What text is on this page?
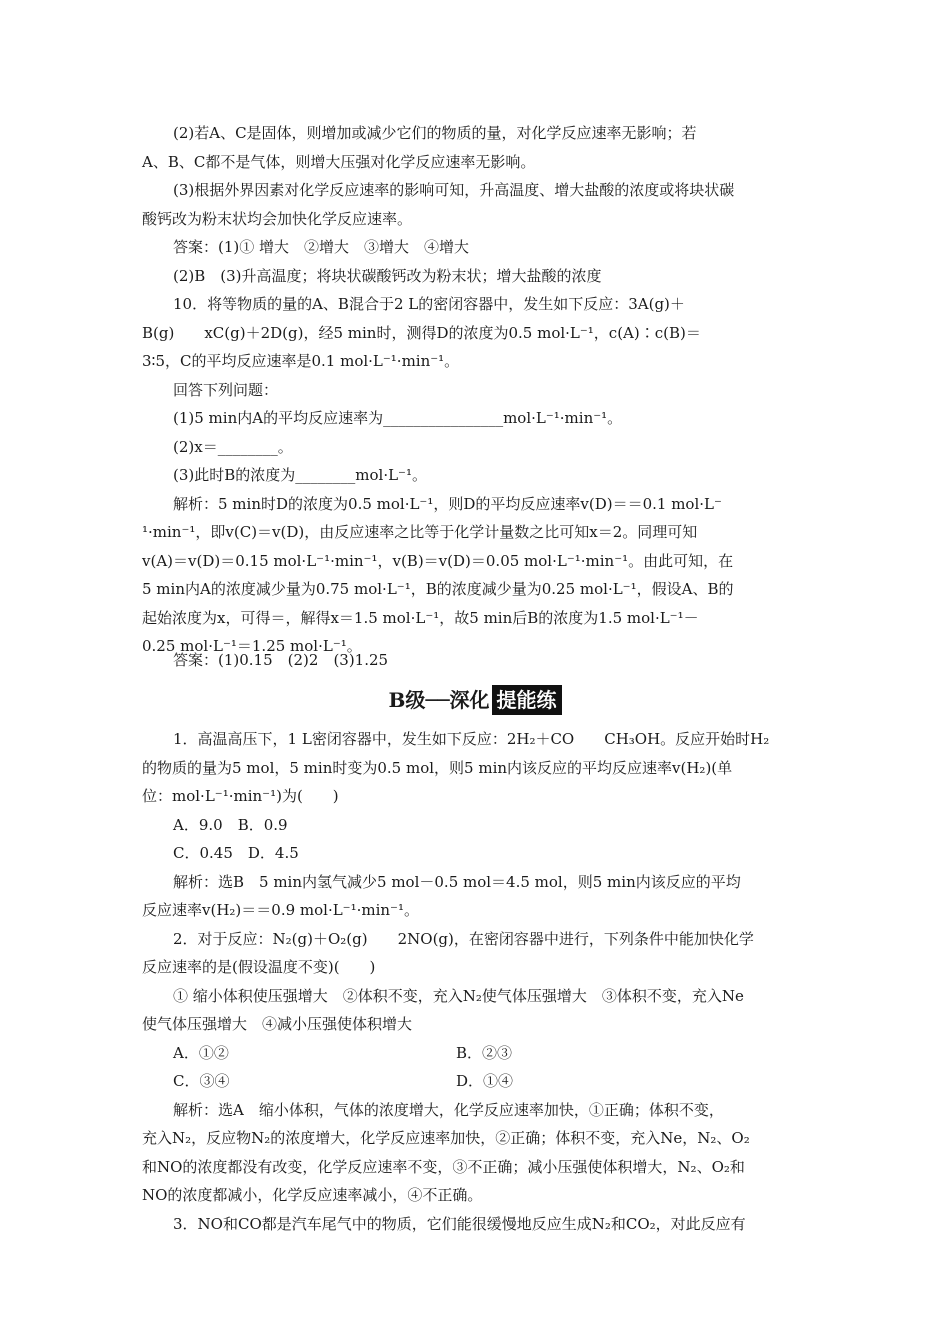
(2)若A、C是固体，则增加或减少它们的物质的量，对化学反应速率无影响；若
A、B、C都不是气体，则增大压强对化学反应速率无影响。
(3)根据外界因素对化学反应速率的影响可知，升高温度、增大盐酸的浓度或将块状碳
酸钙改为粉末状均会加快化学反应速率。
答案：(1)① 增大　②增大　③增大　④增大
(2)B　(3)升高温度；将块状碳酸钙改为粉末状；增大盐酸的浓度
10．将等物质的量的A、B混合于2 L的密闭容器中，发生如下反应：3A(g)＋
B(g)　　xC(g)＋2D(g)，经5 min时，测得D的浓度为0.5 mol·L⁻¹，c(A)∶c(B)＝
3∶5，C的平均反应速率是0.1 mol·L⁻¹·min⁻¹。
回答下列问题：
(1)5 min内A的平均反应速率为________________mol·L⁻¹·min⁻¹。
(2)x＝________。
(3)此时B的浓度为________mol·L⁻¹。
解析：5 min时D的浓度为0.5 mol·L⁻¹，则D的平均反应速率v(D)＝＝0.1 mol·L⁻
¹·min⁻¹，即v(C)＝v(D)，由反应速率之比等于化学计量数之比可知x＝2。同理可知
v(A)＝v(D)＝0.15 mol·L⁻¹·min⁻¹，v(B)＝v(D)＝0.05 mol·L⁻¹·min⁻¹。由此可知，在
5 min内A的浓度减少量为0.75 mol·L⁻¹，B的浓度减少量为0.25 mol·L⁻¹，假设A、B的
起始浓度为x，可得＝，解得x＝1.5 mol·L⁻¹，故5 min后B的浓度为1.5 mol·L⁻¹－
0.25 mol·L⁻¹＝1.25 mol·L⁻¹。
答案：(1)0.15　(2)2　(3)1.25
B级──深化 提能练
1．高温高压下，1 L密闭容器中，发生如下反应：2H₂＋CO　　CH₃OH。反应开始时H₂
的物质的量为5 mol，5 min时变为0.5 mol，则5 min内该反应的平均反应速率v(H₂)(单
位：mol·L⁻¹·min⁻¹)为(　　)
A．9.0　B．0.9
C．0.45　D．4.5
解析：选B　5 min内氢气减少5 mol－0.5 mol＝4.5 mol，则5 min内该反应的平均
反应速率v(H₂)＝＝0.9 mol·L⁻¹·min⁻¹。
2．对于反应：N₂(g)＋O₂(g)　　2NO(g)，在密闭容器中进行，下列条件中能加快化学
反应速率的是(假设温度不变)(　　)
① 缩小体积使压强增大　②体积不变，充入N₂使气体压强增大　③体积不变，充入Ne
使气体压强增大　④减小压强使体积增大
A．①②	B．②③
C．③④	D．①④
解析：选A　缩小体积，气体的浓度增大，化学反应速率加快，①正确；体积不变，
充入N₂，反应物N₂的浓度增大，化学反应速率加快，②正确；体积不变，充入Ne，N₂、O₂
和NO的浓度都没有改变，化学反应速率不变，③不正确；减小压强使体积增大，N₂、O₂和
NO的浓度都减小，化学反应速率减小，④不正确。
3．NO和CO都是汽车尾气中的物质，它们能很缓慢地反应生成N₂和CO₂，对此反应有
